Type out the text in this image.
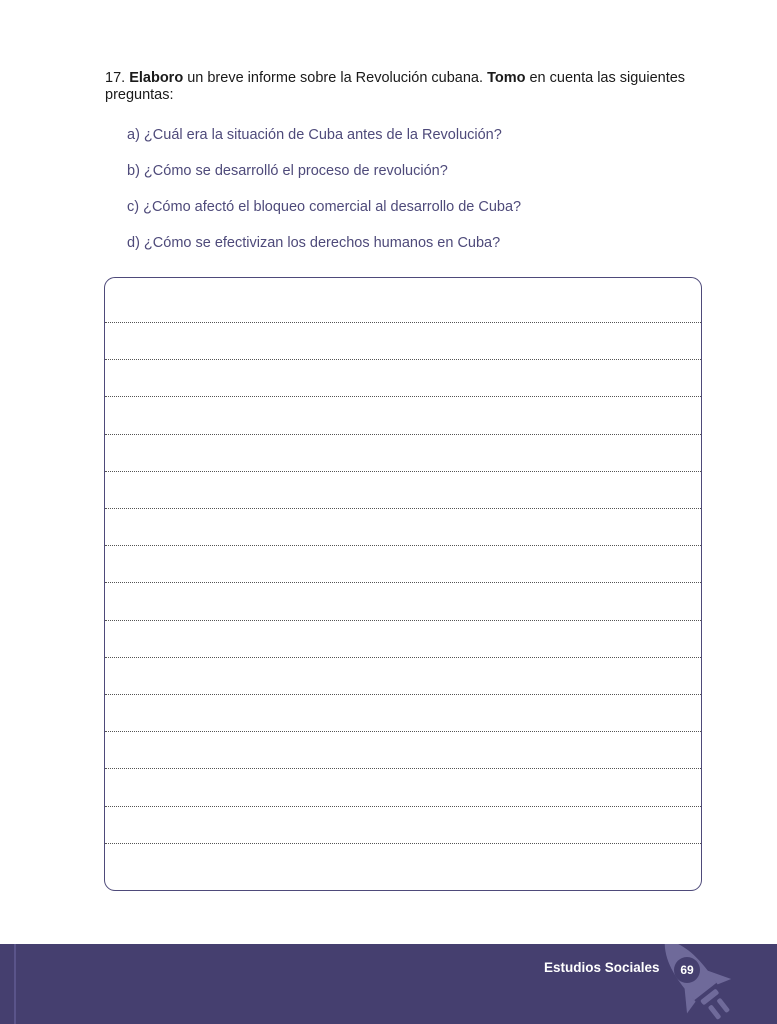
17. Elaboro un breve informe sobre la Revolución cubana. Tomo en cuenta las siguientes preguntas:
a) ¿Cuál era la situación de Cuba antes de la Revolución?
b) ¿Cómo se desarrolló el proceso de revolución?
c) ¿Cómo afectó el bloqueo comercial al desarrollo de Cuba?
d) ¿Cómo se efectivizan los derechos humanos en Cuba?
Estudios Sociales	69
